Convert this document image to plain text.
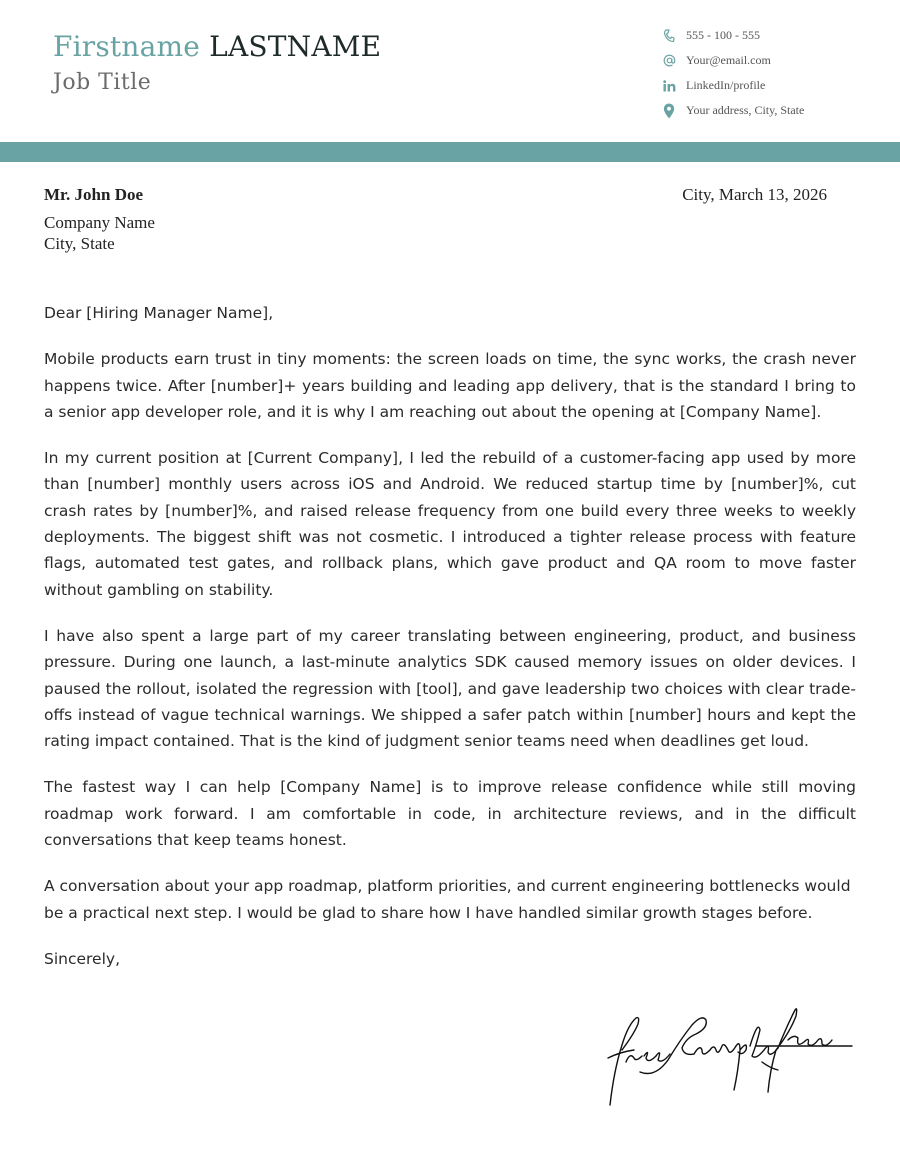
Firstname LASTNAME
Job Title
555 - 100 - 555
Your@email.com
LinkedIn/profile
Your address, City, State
Mr. John Doe
Company Name
City, State
City, March 13, 2026

Dear [Hiring Manager Name],

Mobile products earn trust in tiny moments: the screen loads on time, the sync works, the crash never happens twice. After [number]+ years building and leading app delivery, that is the standard I bring to a senior app developer role, and it is why I am reaching out about the opening at [Company Name].

In my current position at [Current Company], I led the rebuild of a customer-facing app used by more than [number] monthly users across iOS and Android. We reduced startup time by [number]%, cut crash rates by [number]%, and raised release frequency from one build every three weeks to weekly deployments. The biggest shift was not cosmetic. I introduced a tighter release process with feature flags, automated test gates, and rollback plans, which gave product and QA room to move faster without gambling on stability.

I have also spent a large part of my career translating between engineering, product, and business pressure. During one launch, a last-minute analytics SDK caused memory issues on older devices. I paused the rollout, isolated the regression with [tool], and gave leadership two choices with clear trade-offs instead of vague technical warnings. We shipped a safer patch within [number] hours and kept the rating impact contained. That is the kind of judgment senior teams need when deadlines get loud.

The fastest way I can help [Company Name] is to improve release confidence while still moving roadmap work forward. I am comfortable in code, in architecture reviews, and in the difficult conversations that keep teams honest.

A conversation about your app roadmap, platform priorities, and current engineering bottlenecks would be a practical next step. I would be glad to share how I have handled similar growth stages before.

Sincerely,
